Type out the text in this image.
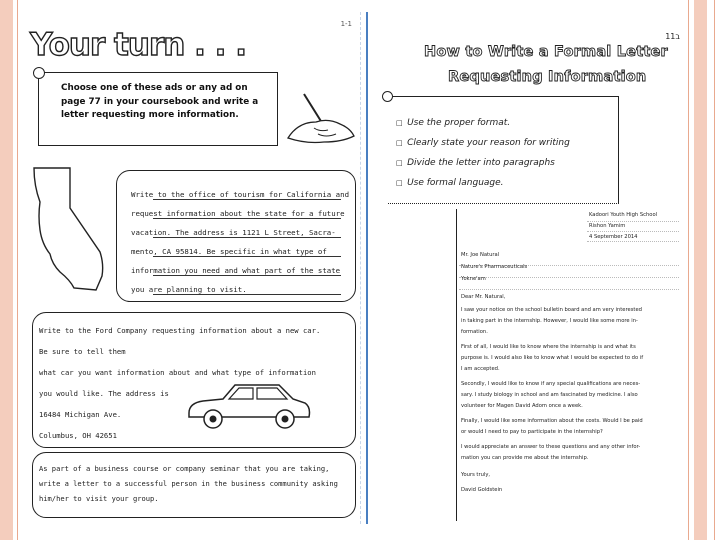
1-1
Your turn . . .
Choose one of these ads or any ad on
page 77 in your coursebook and write a
letter requesting more information.
Write to the office of tourism for California and
request information about the state for a future
vacation. The address is 1121 L Street, Sacra-
mento, CA 95814. Be specific in what type of
information you need and what part of the state
you are planning to visit.
Write to the Ford Company requesting information about a new car.
Be sure to tell them
what car you want information about and what type of information
you would like. The address is
16484 Michigan Ave.
Columbus, OH 42651
As part of a business course or company seminar that you are taking,
write a letter to a successful person in the business community asking
him/her to visit your group.
11ב
How to Write a Formal Letter
Requesting Information
□  Use the proper format.
□  Clearly state your reason for writing
□  Divide the letter into paragraphs
□  Use formal language.
Kadoori Youth High School
Rishon Yamim
4 September 2014
Mr. Joe Natural
Nature's Pharmaceuticals
Yokne'am
Dear Mr. Natural,
I saw your notice on the school bulletin board and am very interested
in taking part in the internship. However, I would like some more in-
formation.
First of all, I would like to know where the internship is and what its
purpose is. I would also like to know what I would be expected to do if
I am accepted.
Secondly, I would like to know if any special qualifications are neces-
sary. I study biology in school and am fascinated by medicine. I also
volunteer for Magen David Adom once a week.
Finally, I would like some information about the costs. Would I be paid
or would I need to pay to participate in the internship?
I would appreciate an answer to these questions and any other infor-
mation you can provide me about the internship.
Yours truly,
David Goldstein
